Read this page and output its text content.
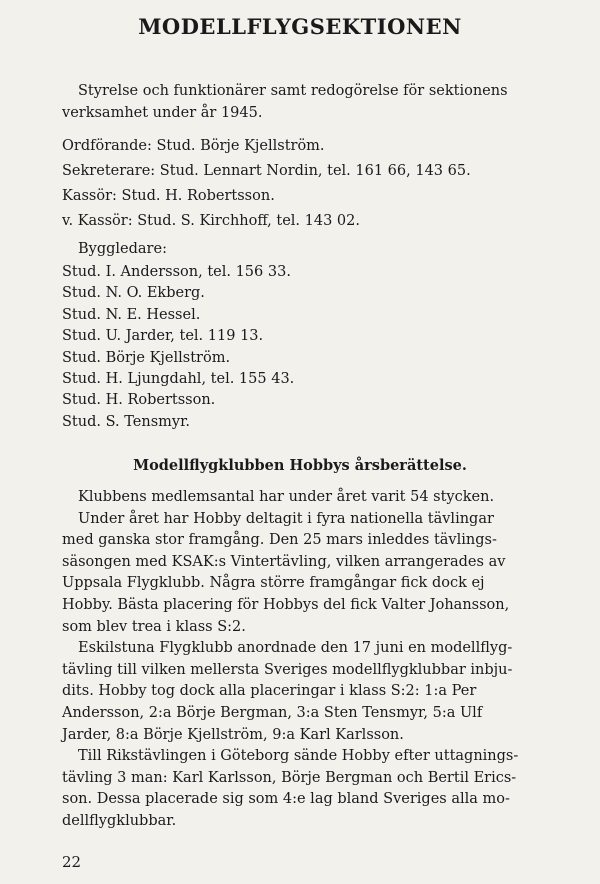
MODELLFLYGSEKTIONEN
Styrelse och funktionärer samt redogörelse för sektionens
verksamhet under år 1945.
Ordförande: Stud. Börje Kjellström.
Sekreterare: Stud. Lennart Nordin, tel. 161 66, 143 65.
Kassör: Stud. H. Robertsson.
v. Kassör: Stud. S. Kirchhoff, tel. 143 02.
Byggledare:
Stud. I. Andersson, tel. 156 33.
Stud. N. O. Ekberg.
Stud. N. E. Hessel.
Stud. U. Jarder, tel. 119 13.
Stud. Börje Kjellström.
Stud. H. Ljungdahl, tel. 155 43.
Stud. H. Robertsson.
Stud. S. Tensmyr.
Modellflygklubben Hobbys årsberättelse.
Klubbens medlemsantal har under året varit 54 stycken.
Under året har Hobby deltagit i fyra nationella tävlingar
med ganska stor framgång. Den 25 mars inleddes tävlings-
säsongen med KSAK:s Vintertävling, vilken arrangerades av
Uppsala Flygklubb. Några större framgångar fick dock ej
Hobby. Bästa placering för Hobbys del fick Valter Johansson,
som blev trea i klass S:2.
Eskilstuna Flygklubb anordnade den 17 juni en modellflyg-
tävling till vilken mellersta Sveriges modellflygklubbar inbju-
dits. Hobby tog dock alla placeringar i klass S:2: 1:a Per
Andersson, 2:a Börje Bergman, 3:a Sten Tensmyr, 5:a Ulf
Jarder, 8:a Börje Kjellström, 9:a Karl Karlsson.
Till Rikstävlingen i Göteborg sände Hobby efter uttagnings-
tävling 3 man: Karl Karlsson, Börje Bergman och Bertil Erics-
son. Dessa placerade sig som 4:e lag bland Sveriges alla mo-
dellflygklubbar.
22
